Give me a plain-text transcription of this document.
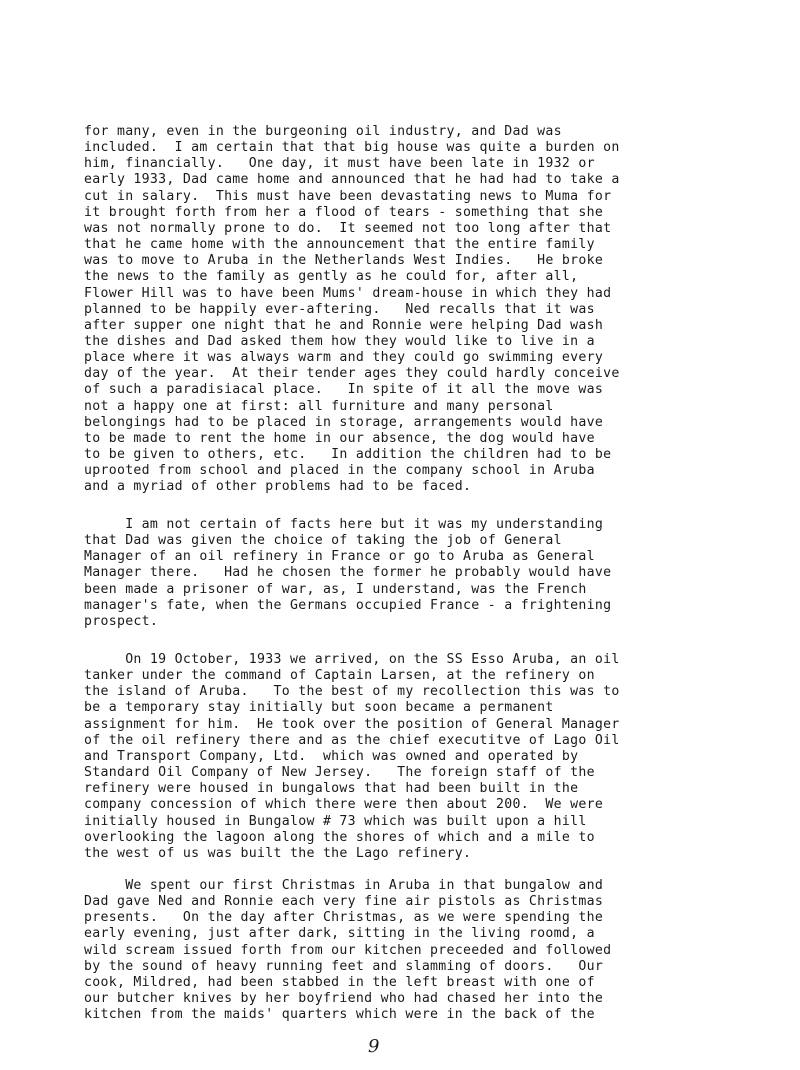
for many, even in the burgeoning oil industry, and Dad was
included.  I am certain that that big house was quite a burden on
him, financially.   One day, it must have been late in 1932 or
early 1933, Dad came home and announced that he had had to take a
cut in salary.  This must have been devastating news to Muma for
it brought forth from her a flood of tears - something that she
was not normally prone to do.  It seemed not too long after that
that he came home with the announcement that the entire family
was to move to Aruba in the Netherlands West Indies.   He broke
the news to the family as gently as he could for, after all,
Flower Hill was to have been Mums' dream-house in which they had
planned to be happily ever-aftering.   Ned recalls that it was
after supper one night that he and Ronnie were helping Dad wash
the dishes and Dad asked them how they would like to live in a
place where it was always warm and they could go swimming every
day of the year.  At their tender ages they could hardly conceive
of such a paradisiacal place.   In spite of it all the move was
not a happy one at first: all furniture and many personal
belongings had to be placed in storage, arrangements would have
to be made to rent the home in our absence, the dog would have
to be given to others, etc.   In addition the children had to be
uprooted from school and placed in the company school in Aruba
and a myriad of other problems had to be faced.
I am not certain of facts here but it was my understanding
that Dad was given the choice of taking the job of General
Manager of an oil refinery in France or go to Aruba as General
Manager there.   Had he chosen the former he probably would have
been made a prisoner of war, as, I understand, was the French
manager's fate, when the Germans occupied France - a frightening
prospect.
On 19 October, 1933 we arrived, on the SS Esso Aruba, an oil
tanker under the command of Captain Larsen, at the refinery on
the island of Aruba.   To the best of my recollection this was to
be a temporary stay initially but soon became a permanent
assignment for him.  He took over the position of General Manager
of the oil refinery there and as the chief executitve of Lago Oil
and Transport Company, Ltd.  which was owned and operated by
Standard Oil Company of New Jersey.   The foreign staff of the
refinery were housed in bungalows that had been built in the
company concession of which there were then about 200.  We were
initially housed in Bungalow # 73 which was built upon a hill
overlooking the lagoon along the shores of which and a mile to
the west of us was built the the Lago refinery.
We spent our first Christmas in Aruba in that bungalow and
Dad gave Ned and Ronnie each very fine air pistols as Christmas
presents.   On the day after Christmas, as we were spending the
early evening, just after dark, sitting in the living roomd, a
wild scream issued forth from our kitchen preceeded and followed
by the sound of heavy running feet and slamming of doors.   Our
cook, Mildred, had been stabbed in the left breast with one of
our butcher knives by her boyfriend who had chased her into the
kitchen from the maids' quarters which were in the back of the
9
